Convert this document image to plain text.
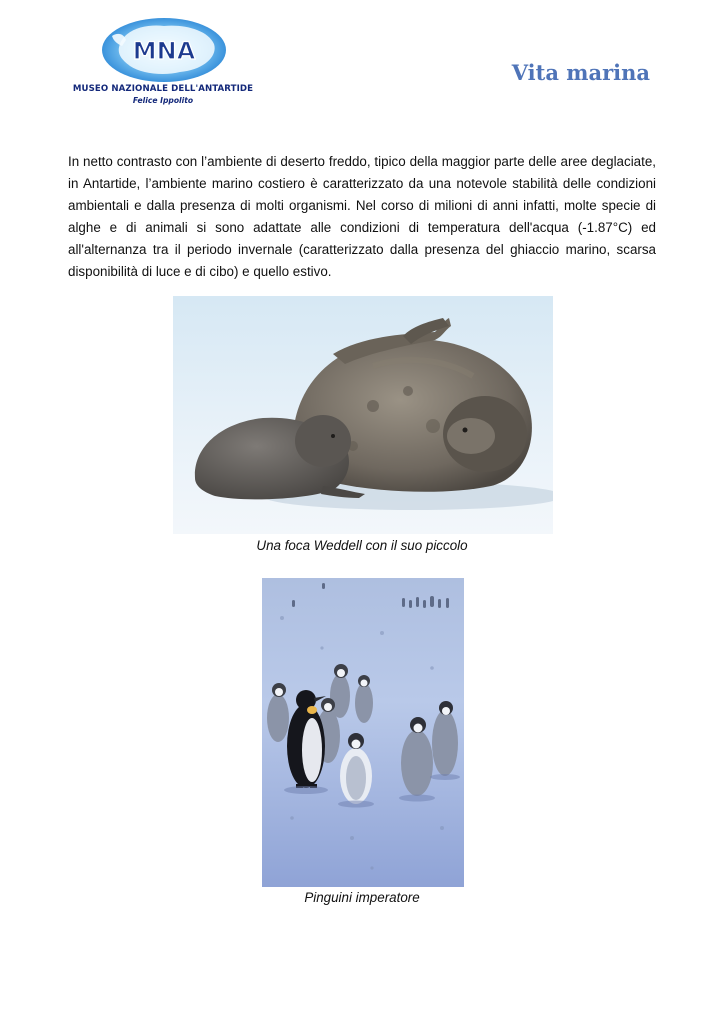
MNA
MUSEO NAZIONALE DELL'ANTARTIDE
Felice Ippolito
Vita marina

In netto contrasto con l’ambiente di deserto freddo, tipico della maggior parte delle aree deglaciate, in Antartide, l’ambiente marino costiero è caratterizzato da una notevole stabilità delle condizioni ambientali e dalla presenza di molti organismi. Nel corso di milioni di anni infatti, molte specie di alghe e di animali si sono adattate alle condizioni di temperatura dell'acqua (-1.87°C) ed all'alternanza tra il periodo invernale (caratterizzato dalla presenza del ghiaccio marino, scarsa disponibilità di luce e di cibo) e quello estivo.

Una foca Weddell con il suo piccolo
Pinguini imperatore
